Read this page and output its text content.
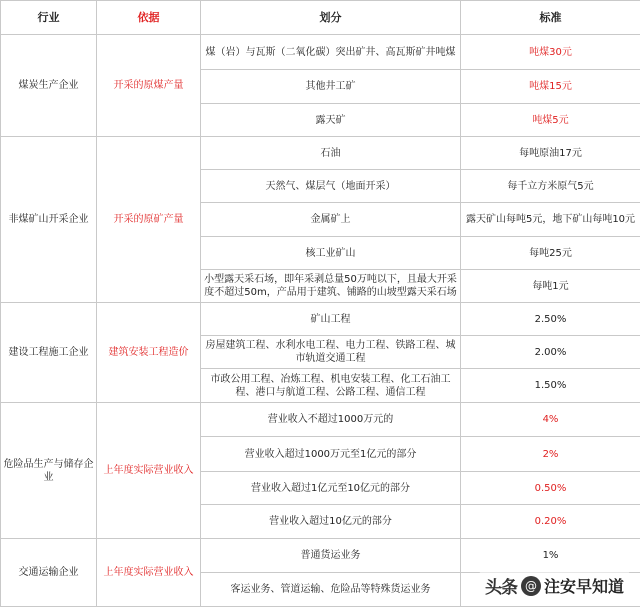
行业	依据	划分	标准
煤炭生产企业	开采的原煤产量	煤（岩）与瓦斯（二氧化碳）突出矿井、高瓦斯矿井吨煤	吨煤30元
		其他井工矿	吨煤15元
		露天矿	吨煤5元
非煤矿山开采企业	开采的原矿产量	石油	每吨原油17元
		天然气、煤层气（地面开采）	每千立方米原气5元
		金属矿上	露天矿山每吨5元，地下矿山每吨10元
		核工业矿山	每吨25元
		小型露天采石场，即年采剥总量50万吨以下，且最大开采度不超过50m，产品用于建筑、铺路的山坡型露天采石场	每吨1元
建设工程施工企业	建筑安装工程造价	矿山工程	2.50%
		房屋建筑工程、水利水电工程、电力工程、铁路工程、城市轨道交通工程	2.00%
		市政公用工程、冶炼工程、机电安装工程、化工石油工程、港口与航道工程、公路工程、通信工程	1.50%
危险品生产与储存企业	上年度实际营业收入	营业收入不超过1000万元的	4%
		营业收入超过1000万元至1亿元的部分	2%
		营业收入超过1亿元至10亿元的部分	0.50%
		营业收入超过10亿元的部分	0.20%
交通运输企业	上年度实际营业收入	普通货运业务	1%
		客运业务、管道运输、危险品等特殊货运业务		头条 @ 注安早知道
